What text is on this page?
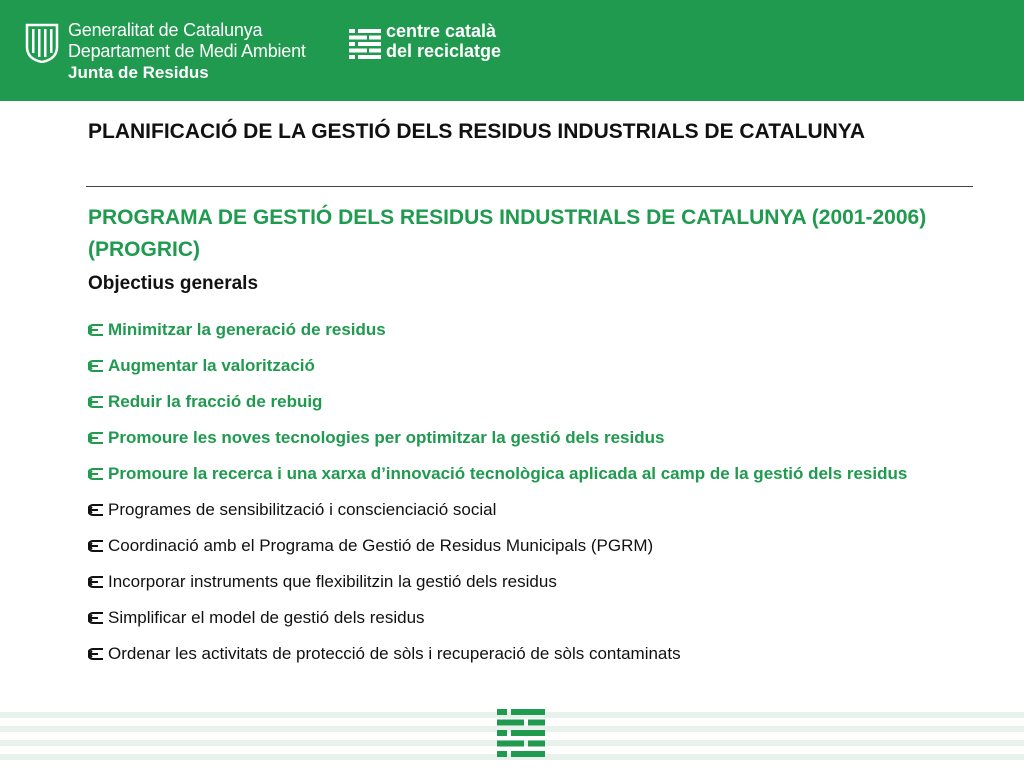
Generalitat de Catalunya
Departament de Medi Ambient
Junta de Residus
centre català
del reciclatge
PLANIFICACIÓ DE LA GESTIÓ DELS RESIDUS INDUSTRIALS DE CATALUNYA
PROGRAMA DE GESTIÓ DELS RESIDUS INDUSTRIALS DE CATALUNYA (2001-2006) (PROGRIC)
Objectius generals
Minimitzar la generació de residus
Augmentar la valorització
Reduir la fracció de rebuig
Promoure les noves tecnologies per optimitzar la gestió dels residus
Promoure la recerca i una xarxa d’innovació tecnològica aplicada al camp de la gestió dels residus
Programes de sensibilització i conscienciació social
Coordinació amb el Programa de Gestió de Residus Municipals (PGRM)
Incorporar instruments que flexibilitzin la gestió dels residus
Simplificar el model de gestió dels residus
Ordenar les activitats de protecció de sòls i recuperació de sòls contaminats
